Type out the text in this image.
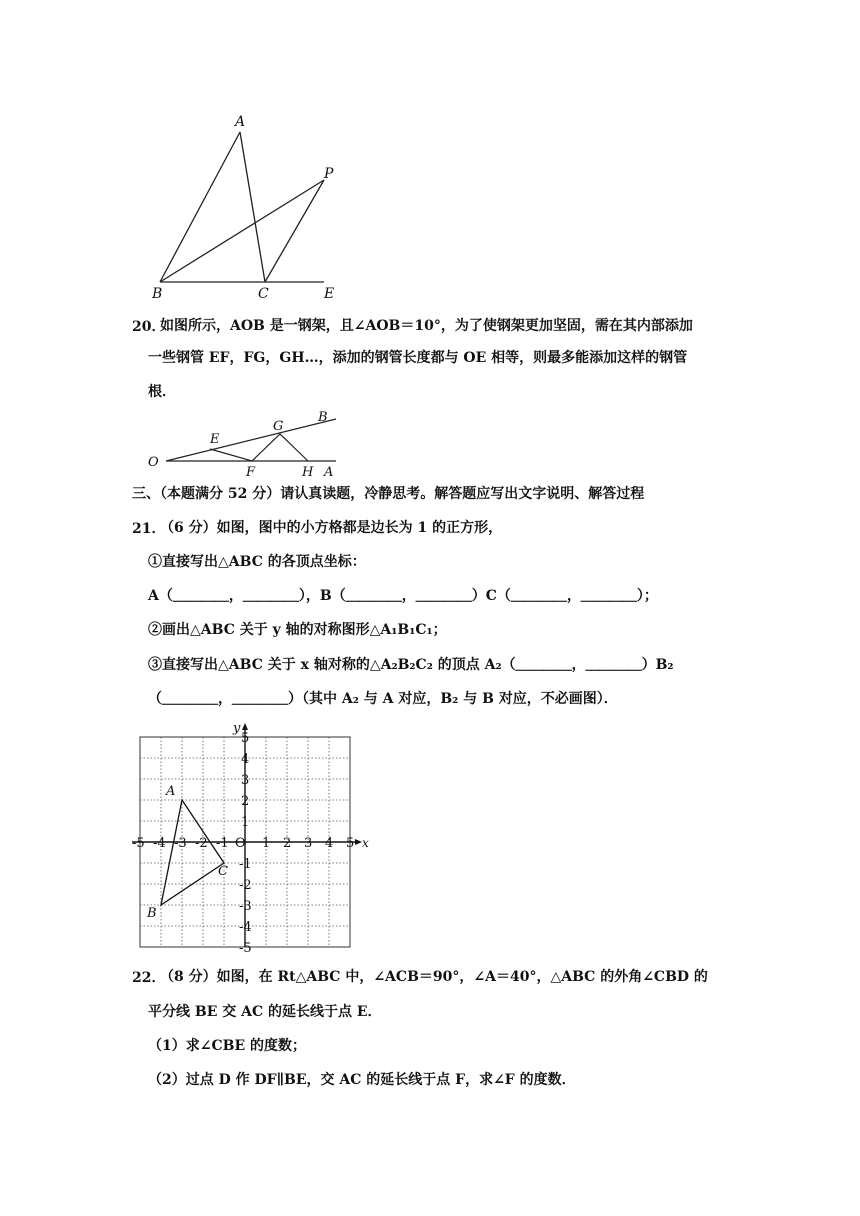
A
P
B	C	E
20．
如图所示，AOB 是一钢架，且∠AOB＝10°，为了使钢架更加坚固，需在其内部添加
一些钢管 EF，FG，GH…，添加的钢管长度都与 OE 相等，则最多能添加这样的钢管
根．
O
E
G
B
F	H A
三、（本题满分 52 分）请认真读题，冷静思考。解答题应写出文字说明、解答过程
21．
（6 分）如图，图中的小方格都是边长为 1 的正方形，
①直接写出△ABC 的各顶点坐标：
A（＿＿＿＿，＿＿＿＿），B（＿＿＿＿，＿＿＿＿）C（＿＿＿＿，＿＿＿＿）；
②画出△ABC 关于 y 轴的对称图形△A₁B₁C₁；
③直接写出△ABC 关于 x 轴对称的△A₂B₂C₂ 的顶点 A₂（＿＿＿＿，＿＿＿＿）B₂
（＿＿＿＿，＿＿＿＿）（其中 A₂ 与 A 对应，B₂ 与 B 对应，不必画图）．
x
y
O
-5 -4 -3 -2 -1	1 2 3 4 5
5
4
3
2
1
-1
-2
-3
-4
-5
A
B
C
22．
（8 分）如图，在 Rt△ABC 中，∠ACB＝90°，∠A＝40°，△ABC 的外角∠CBD 的
平分线 BE 交 AC 的延长线于点 E．
（1）求∠CBE 的度数；
（2）过点 D 作 DF∥BE，交 AC 的延长线于点 F，求∠F 的度数．
